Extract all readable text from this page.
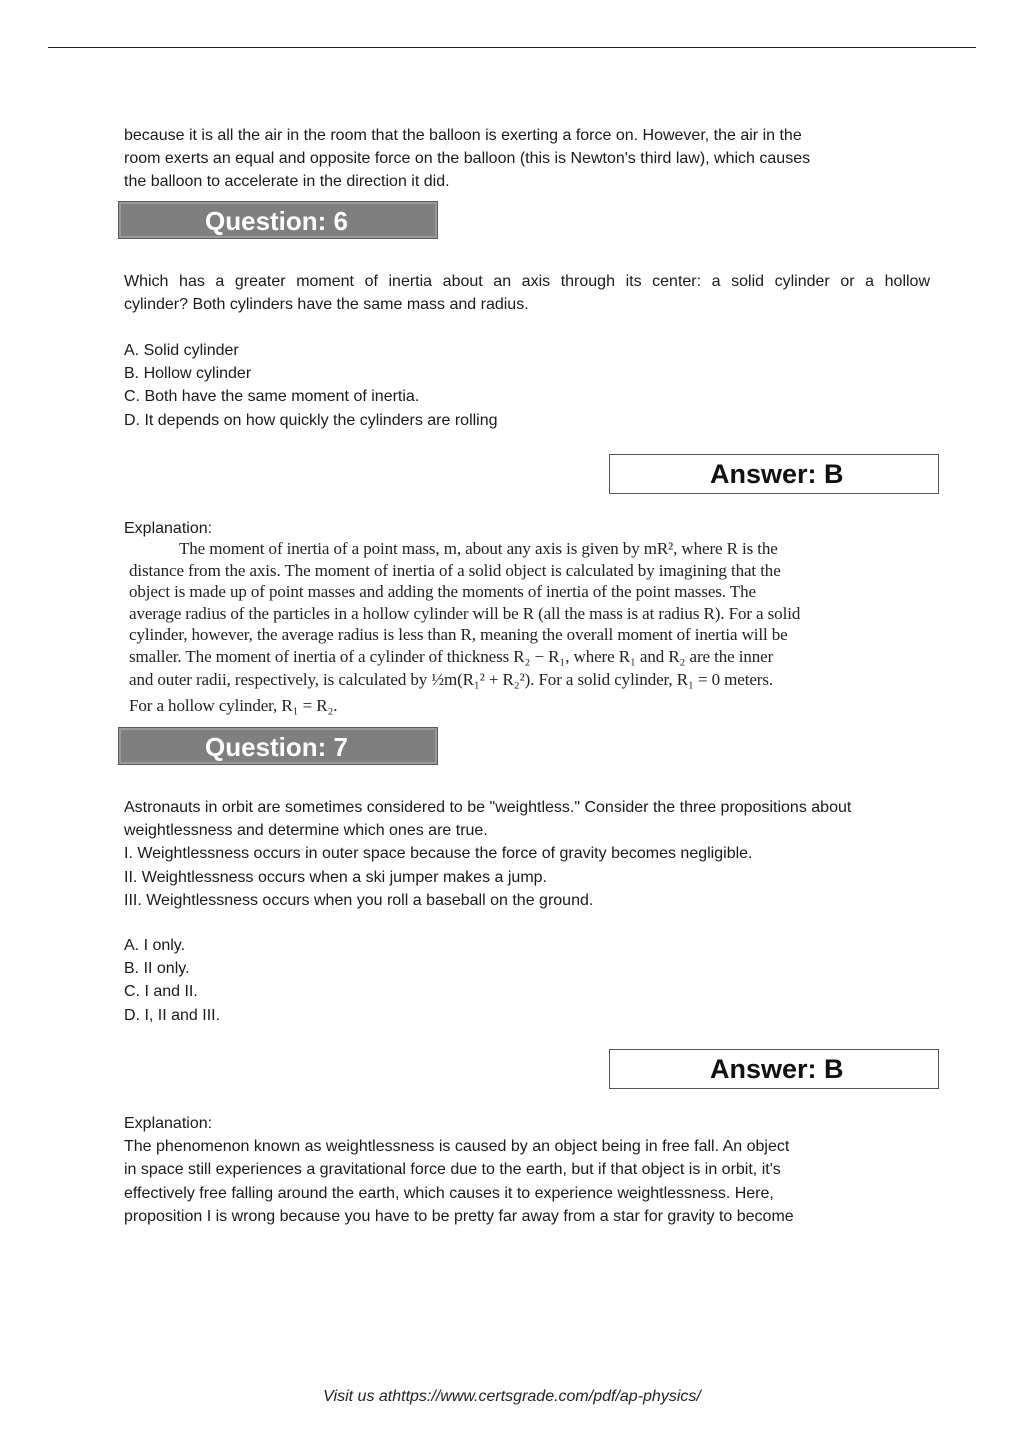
because it is all the air in the room that the balloon is exerting a force on. However, the air in the
room exerts an equal and opposite force on the balloon (this is Newton's third law), which causes
the balloon to accelerate in the direction it did.
Question: 6
Which has a greater moment of inertia about an axis through its center: a solid cylinder or a hollow
cylinder? Both cylinders have the same mass and radius.
A. Solid cylinder
B. Hollow cylinder
C. Both have the same moment of inertia.
D. It depends on how quickly the cylinders are rolling
Answer: B
Explanation:
The moment of inertia of a point mass, m, about any axis is given by mR², where R is the
distance from the axis. The moment of inertia of a solid object is calculated by imagining that the
object is made up of point masses and adding the moments of inertia of the point masses. The
average radius of the particles in a hollow cylinder will be R (all the mass is at radius R). For a solid
cylinder, however, the average radius is less than R, meaning the overall moment of inertia will be
smaller. The moment of inertia of a cylinder of thickness R₂ − R₁, where R₁ and R₂ are the inner
and outer radii, respectively, is calculated by ½m(R₁² + R₂²). For a solid cylinder, R₁ = 0 meters.
For a hollow cylinder, R₁ = R₂.
Question: 7
Astronauts in orbit are sometimes considered to be "weightless." Consider the three propositions about
weightlessness and determine which ones are true.
I. Weightlessness occurs in outer space because the force of gravity becomes negligible.
II. Weightlessness occurs when a ski jumper makes a jump.
III. Weightlessness occurs when you roll a baseball on the ground.
A. I only.
B. II only.
C. I and II.
D. I, II and III.
Answer: B
Explanation:
The phenomenon known as weightlessness is caused by an object being in free fall. An object
in space still experiences a gravitational force due to the earth, but if that object is in orbit, it's
effectively free falling around the earth, which causes it to experience weightlessness. Here,
proposition I is wrong because you have to be pretty far away from a star for gravity to become
Visit us athttps://www.certsgrade.com/pdf/ap-physics/
